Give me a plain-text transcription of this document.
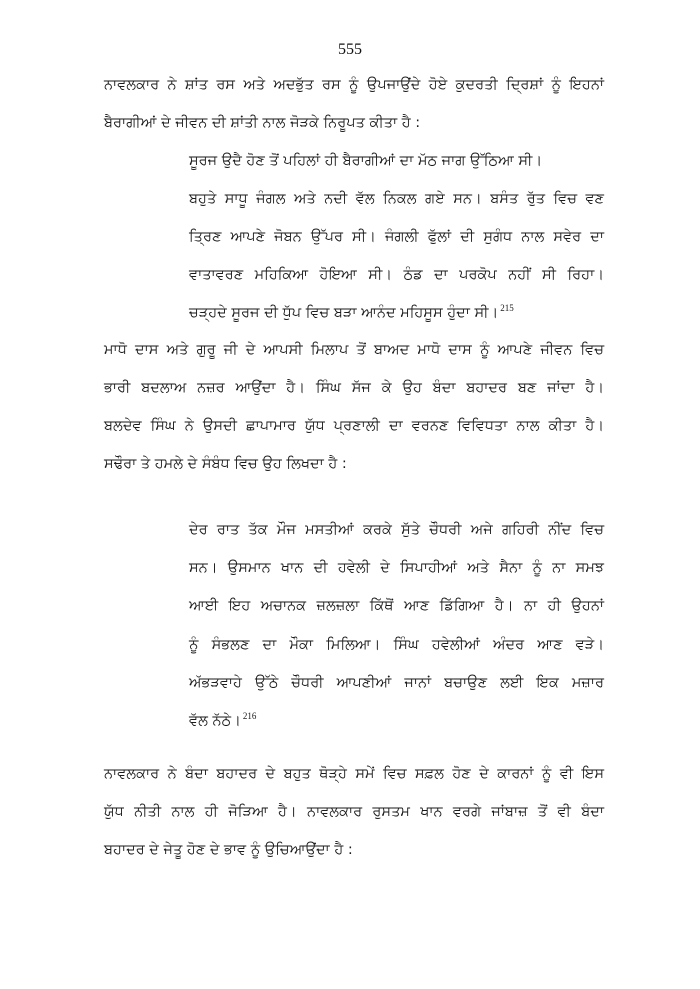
555
ਨਾਵਲਕਾਰ ਨੇ ਸ਼ਾਂਤ ਰਸ ਅਤੇ ਅਦਭੁੱਤ ਰਸ ਨੂੰ ਉਪਜਾਉਂਦੇ ਹੋਏ ਕੁਦਰਤੀ ਦ੍ਰਿਸ਼ਾਂ ਨੂੰ ਇਹਨਾਂ
ਬੈਰਾਗੀਆਂ ਦੇ ਜੀਵਨ ਦੀ ਸ਼ਾਂਤੀ ਨਾਲ ਜੋੜਕੇ ਨਿਰੂਪਤ ਕੀਤਾ ਹੈ :
ਸੂਰਜ ਉਦੈ ਹੋਣ ਤੋਂ ਪਹਿਲਾਂ ਹੀ ਬੈਰਾਗੀਆਂ ਦਾ ਮੱਠ ਜਾਗ ਉੱਠਿਆ ਸੀ।
ਬਹੁਤੇ ਸਾਧੂ ਜੰਗਲ ਅਤੇ ਨਦੀ ਵੱਲ ਨਿਕਲ ਗਏ ਸਨ। ਬਸੰਤ ਰੁੱਤ ਵਿਚ ਵਣ
ਤ੍ਰਿਣ ਆਪਣੇ ਜੋਬਨ ਉੱਪਰ ਸੀ। ਜੰਗਲੀ ਫੁੱਲਾਂ ਦੀ ਸੁਗੰਧ ਨਾਲ ਸਵੇਰ ਦਾ
ਵਾਤਾਵਰਣ ਮਹਿਕਿਆ ਹੋਇਆ ਸੀ। ਠੰਡ ਦਾ ਪਰਕੋਪ ਨਹੀਂ ਸੀ ਰਿਹਾ।
ਚੜ੍ਹਦੇ ਸੂਰਜ ਦੀ ਧੁੱਪ ਵਿਚ ਬੜਾ ਆਨੰਦ ਮਹਿਸੂਸ ਹੁੰਦਾ ਸੀ। $^{215}$
ਮਾਧੋ ਦਾਸ ਅਤੇ ਗੁਰੂ ਜੀ ਦੇ ਆਪਸੀ ਮਿਲਾਪ ਤੋਂ ਬਾਅਦ ਮਾਧੋ ਦਾਸ ਨੂੰ ਆਪਣੇ ਜੀਵਨ ਵਿਚ
ਭਾਰੀ ਬਦਲਾਅ ਨਜ਼ਰ ਆਉਂਦਾ ਹੈ। ਸਿੰਘ ਸੱਜ ਕੇ ਉਹ ਬੰਦਾ ਬਹਾਦਰ ਬਣ ਜਾਂਦਾ ਹੈ।
ਬਲਦੇਵ ਸਿੰਘ ਨੇ ਉਸਦੀ ਛਾਪਾਮਾਰ ਯੁੱਧ ਪ੍ਰਣਾਲੀ ਦਾ ਵਰਨਣ ਵਿਵਿਧਤਾ ਨਾਲ ਕੀਤਾ ਹੈ।
ਸਢੌਰਾ ਤੇ ਹਮਲੇ ਦੇ ਸੰਬੰਧ ਵਿਚ ਉਹ ਲਿਖਦਾ ਹੈ :
ਦੇਰ ਰਾਤ ਤੱਕ ਮੌਜ ਮਸਤੀਆਂ ਕਰਕੇ ਸੁੱਤੇ ਚੌਧਰੀ ਅਜੇ ਗਹਿਰੀ ਨੀਂਦ ਵਿਚ
ਸਨ। ਉਸਮਾਨ ਖਾਨ ਦੀ ਹਵੇਲੀ ਦੇ ਸਿਪਾਹੀਆਂ ਅਤੇ ਸੈਨਾ ਨੂੰ ਨਾ ਸਮਝ
ਆਈ ਇਹ ਅਚਾਨਕ ਜ਼ਲਜ਼ਲਾ ਕਿੱਥੋਂ ਆਣ ਡਿੱਗਿਆ ਹੈ। ਨਾ ਹੀ ਉਹਨਾਂ
ਨੂੰ ਸੰਭਲਣ ਦਾ ਮੌਕਾ ਮਿਲਿਆ। ਸਿੰਘ ਹਵੇਲੀਆਂ ਅੰਦਰ ਆਣ ਵੜੇ।
ਅੱਭੜਵਾਹੇ ਉੱਠੇ ਚੌਧਰੀ ਆਪਣੀਆਂ ਜਾਨਾਂ ਬਚਾਉਣ ਲਈ ਇਕ ਮਜ਼ਾਰ
ਵੱਲ ਨੱਠੇ। $^{216}$
ਨਾਵਲਕਾਰ ਨੇ ਬੰਦਾ ਬਹਾਦਰ ਦੇ ਬਹੁਤ ਥੋੜ੍ਹੇ ਸਮੇਂ ਵਿਚ ਸਫ਼ਲ ਹੋਣ ਦੇ ਕਾਰਨਾਂ ਨੂੰ ਵੀ ਇਸ
ਯੁੱਧ ਨੀਤੀ ਨਾਲ ਹੀ ਜੋੜਿਆ ਹੈ। ਨਾਵਲਕਾਰ ਰੁਸਤਮ ਖਾਨ ਵਰਗੇ ਜਾਂਬਾਜ਼ ਤੋਂ ਵੀ ਬੰਦਾ
ਬਹਾਦਰ ਦੇ ਜੇਤੂ ਹੋਣ ਦੇ ਭਾਵ ਨੂੰ ਉਚਿਆਉਂਦਾ ਹੈ :
